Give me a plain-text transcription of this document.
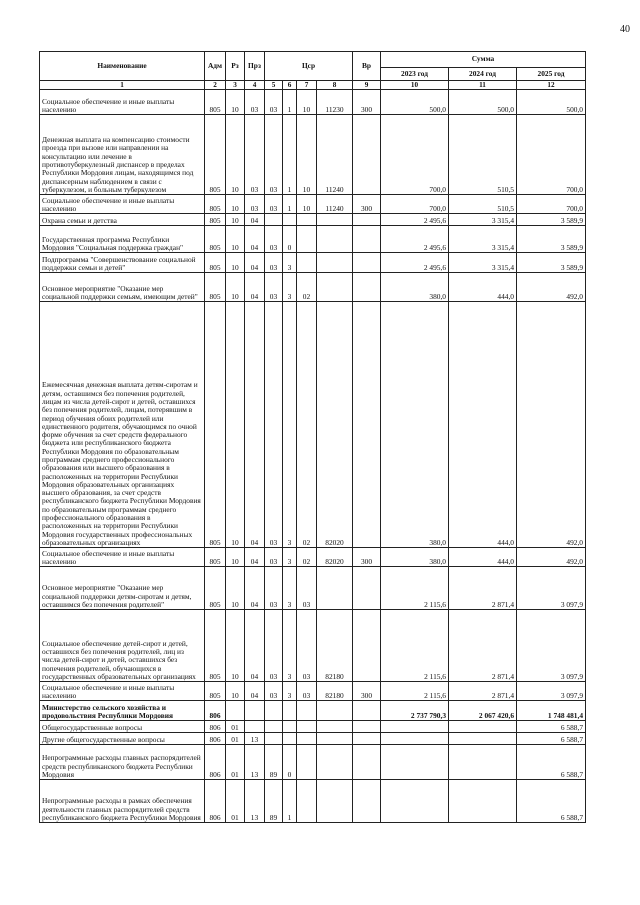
40
Наименование	Адм	Рз	Прз	Цср				Вр	Сумма		
									2023 год	2024 год	2025 год
1	2	3	4	5	6	7	8	9	10	11	12
Социальное обеспечение и иные выплаты населению	805	10	03	03	1	10	11230	300	500,0	500,0	500,0
Денежная выплата на компенсацию стоимости проезда при вызове или направлении на консультацию или лечение в противотуберкулезный диспансер в пределах Республики Мордовия лицам, находящимся под диспансерным наблюдением в связи с туберкулезом, и больным туберкулезом	805	10	03	03	1	10	11240		700,0	510,5	700,0
Социальное обеспечение и иные выплаты населению	805	10	03	03	1	10	11240	300	700,0	510,5	700,0
Охрана семьи и детства	805	10	04						2 495,6	3 315,4	3 589,9
Государственная программа Республики Мордовия "Социальная поддержка граждан"	805	10	04	03	0				2 495,6	3 315,4	3 589,9
Подпрограмма "Совершенствование социальной поддержки семьи и детей"	805	10	04	03	3				2 495,6	3 315,4	3 589,9
Основное мероприятие "Оказание мер социальной поддержки семьям, имеющим детей"	805	10	04	03	3	02			380,0	444,0	492,0
Ежемесячная денежная выплата детям-сиротам и детям, оставшимся без попечения родителей, лицам из числа детей-сирот и детей, оставшихся без попечения родителей, лицам, потерявшим в период обучения обоих родителей или единственного родителя, обучающимся по очной форме обучения за счет средств федерального бюджета или республиканского бюджета Республики Мордовия по образовательным программам среднего профессионального образования или высшего образования в расположенных на территории Республики Мордовия образовательных организациях высшего образования, за счет средств республиканского бюджета Республики Мордовия по образовательным программам среднего профессионального образования в расположенных на территории Республики Мордовия государственных профессиональных образовательных организациях	805	10	04	03	3	02	82020		380,0	444,0	492,0
Социальное обеспечение и иные выплаты населению	805	10	04	03	3	02	82020	300	380,0	444,0	492,0
Основное мероприятие "Оказание мер социальной поддержки детям-сиротам и детям, оставшимся без попечения родителей"	805	10	04	03	3	03			2 115,6	2 871,4	3 097,9
Социальное обеспечение детей-сирот и детей, оставшихся без попечения родителей, лиц из числа детей-сирот и детей, оставшихся без попечения родителей, обучающихся в государственных образовательных организациях	805	10	04	03	3	03	82180		2 115,6	2 871,4	3 097,9
Социальное обеспечение и иные выплаты населению	805	10	04	03	3	03	82180	300	2 115,6	2 871,4	3 097,9
Министерство сельского хозяйства и продовольствия Республики Мордовия	806								2 737 790,3	2 067 420,6	1 748 481,4
Общегосударственные вопросы	806	01									6 588,7
Другие общегосударственные вопросы	806	01	13								6 588,7
Непрограммные расходы главных распорядителей средств республиканского бюджета Республики Мордовия	806	01	13	89	0						6 588,7
Непрограммные расходы в рамках обеспечения деятельности главных распорядителей средств республиканского бюджета Республики Мордовия	806	01	13	89	1						6 588,7
